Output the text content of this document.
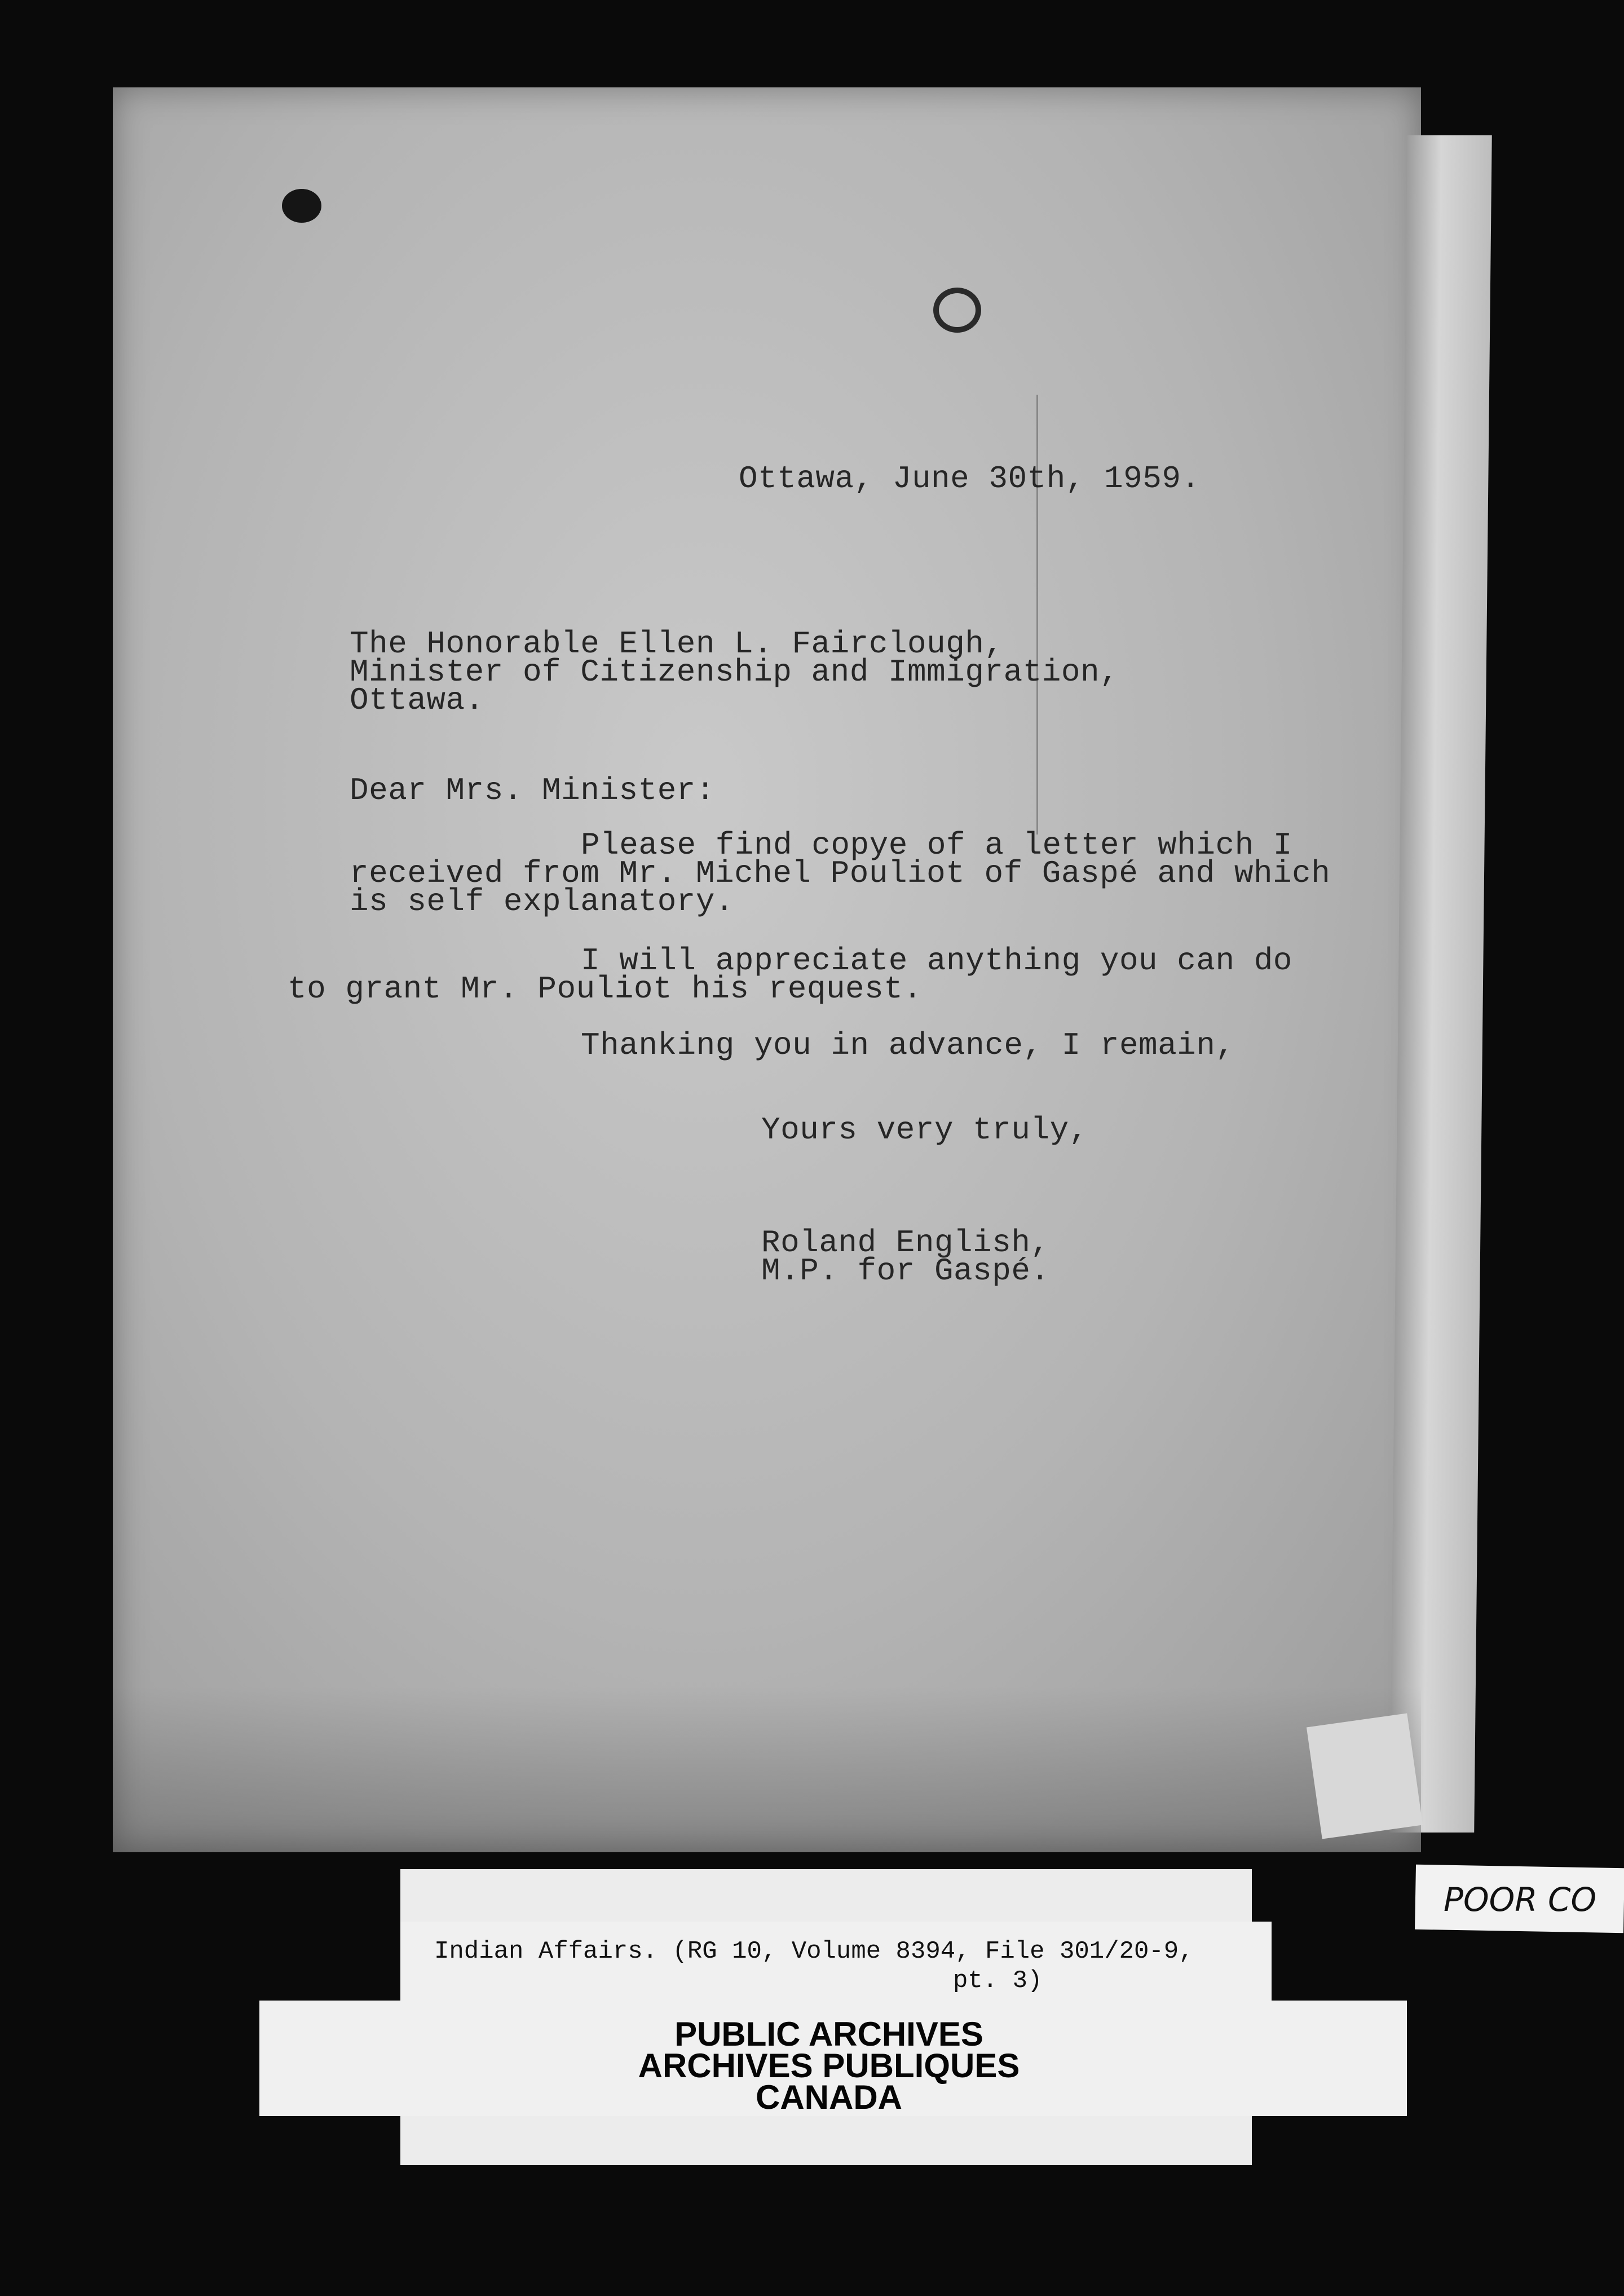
Ottawa, June 30th, 1959.
The Honorable Ellen L. Fairclough,
Minister of Citizenship and Immigration,
Ottawa.
Dear Mrs. Minister:
Please find copye of a letter which I
received from Mr. Michel Pouliot of Gaspé and which
is self explanatory.
I will appreciate anything you can do
to grant Mr. Pouliot his request.
Thanking you in advance, I remain,
Yours very truly,
Roland English,
M.P. for Gaspé.
Indian Affairs. (RG 10, Volume 8394, File 301/20-9,
pt. 3)
PUBLIC ARCHIVES
ARCHIVES PUBLIQUES
CANADA
POOR CO
